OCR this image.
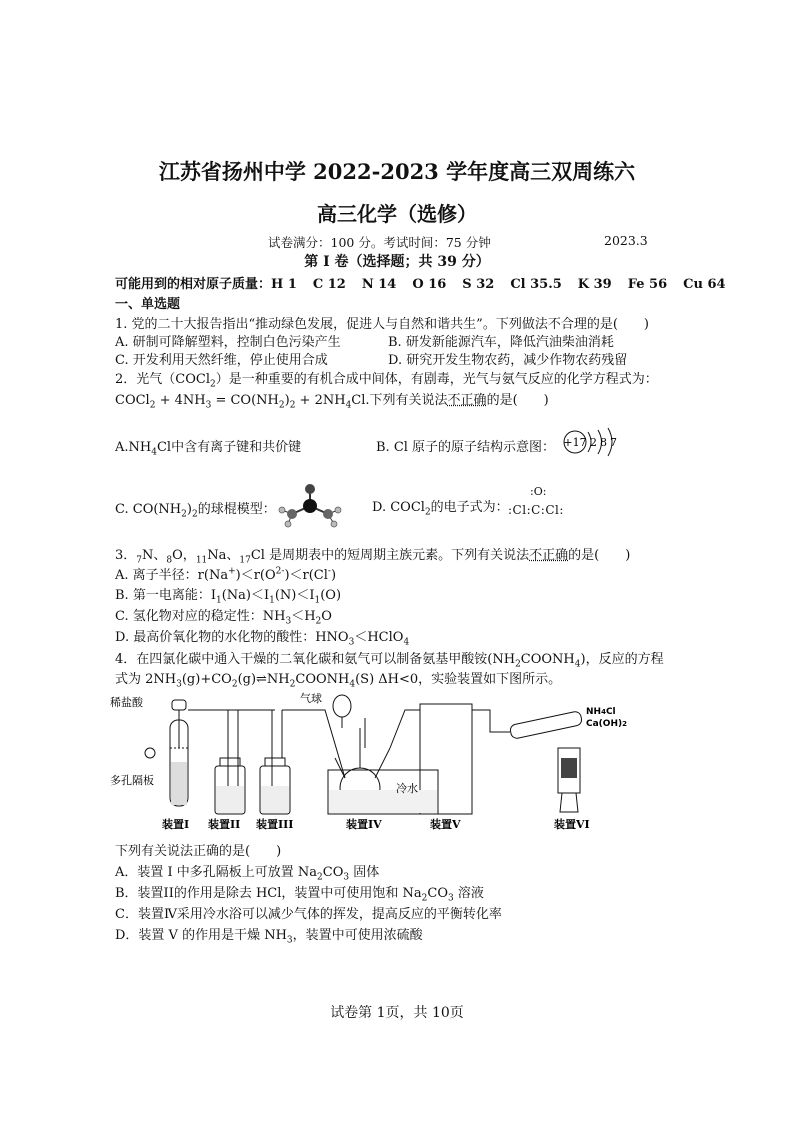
江苏省扬州中学 2022-2023 学年度高三双周练六
高三化学（选修）
试卷满分：100 分。考试时间：75 分钟	2023.3
第 I 卷（选择题；共 39 分）
可能用到的相对原子质量：H 1 C 12 N 14 O 16 S 32 Cl 35.5 K 39 Fe 56 Cu 64
一、单选题
1. 党的二十大报告指出“推动绿色发展，促进人与自然和谐共生”。下列做法不合理的是(　　)
A. 研制可降解塑料，控制白色污染产生	B. 研发新能源汽车，降低汽油柴油消耗
C. 开发利用天然纤维，停止使用合成	D. 研究开发生物农药，减少作物农药残留
2．光气（COCl$_2$）是一种重要的有机合成中间体，有剧毒，光气与氨气反应的化学方程式为：
COCl$_2$ + $4NH_3 = CO(NH_2)_2 + 2NH_4Cl$.下列有关说法不正确的是(　　)
$A.NH_4Cl$中含有离子键和共价键	B. Cl 原子的原子结构示意图： +17 2 8 7
C. $CO(NH_2)_2$的球棍模型：	D. COCl$_2$的电子式为：
:O:
:Cl:C:Cl:
3．$_7$N、$_8$O，$_{11}$Na、$_{17}$Cl 是周期表中的短周期主族元素。下列有关说法不正确的是(　　)
A. 离子半径：$r(Na^+)<r(O^{2-})<r(Cl^-)$
B. 第一电离能：$I_1(Na)<I_1(N)<I_1(O)$
C. 氢化物对应的稳定性：$NH_3<H_2O$
D. 最高价氧化物的水化物的酸性：$HNO_3<HClO_4$
4．在四氯化碳中通入干燥的二氧化碳和氨气可以制备氨基甲酸铵$(NH_2COONH_4)$，反应的方程
式为 $2NH_3(g)+CO_2(g)\rightleftharpoons NH_2COONH_4(S)$ ΔH<0，实验装置如下图所示。
稀盐酸
多孔隔板
气球
冷水
NH4Cl
Ca(OH)2
装置I 装置II 装置III	装置IV	装置V	装置VI
下列有关说法正确的是(　　)
A．装置 I 中多孔隔板上可放置 $Na_2CO_3$ 固体
B．装置II的作用是除去 HCl，装置中可使用饱和 $Na_2CO_3$ 溶液
C．装置Ⅳ采用冷水浴可以减少气体的挥发，提高反应的平衡转化率
D．装置 V 的作用是干燥 $NH_3$，装置中可使用浓硫酸
试卷第 1页，共 10页
